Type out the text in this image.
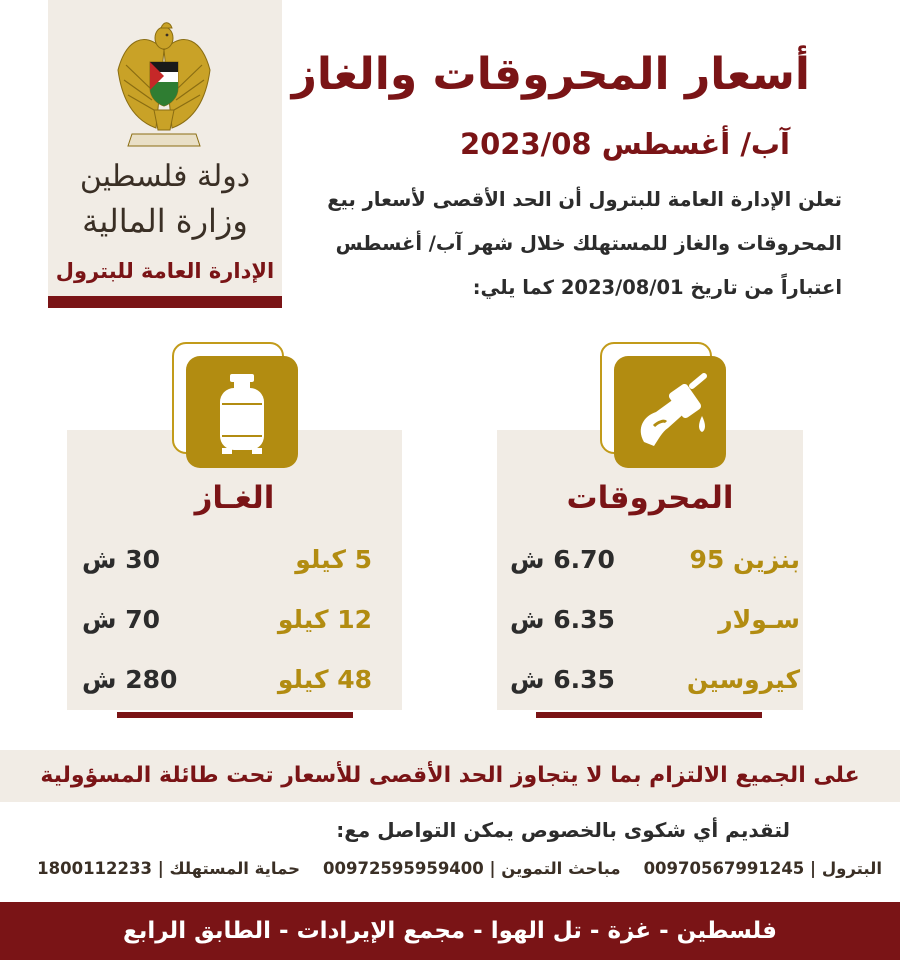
دولة فلسطين
وزارة المالية
الإدارة العامة للبترول
أسعار المحروقات والغاز
آب/ أغسطس 2023/08
تعلن الإدارة العامة للبترول أن الحد الأقصى لأسعار بيع
المحروقات والغاز للمستهلك خلال شهر آب/ أغسطس
اعتباراً من تاريخ 2023/08/01 كما يلي:
الغـاز
5 كيلو
30 ش
12 كيلو
70 ش
48 كيلو
280 ش
المحروقات
بنزين 95
6.70 ش
سـولار
6.35 ش
كيروسين
6.35 ش
على الجميع الالتزام بما لا يتجاوز الحد الأقصى للأسعار تحت طائلة المسؤولية
لتقديم أي شكوى بالخصوص يمكن التواصل مع:
البترول | 00970567991245    مباحث التموين | 00972595959400    حماية المستهلك | 1800112233
فلسطين - غزة - تل الهوا - مجمع الإيرادات - الطابق الرابع
